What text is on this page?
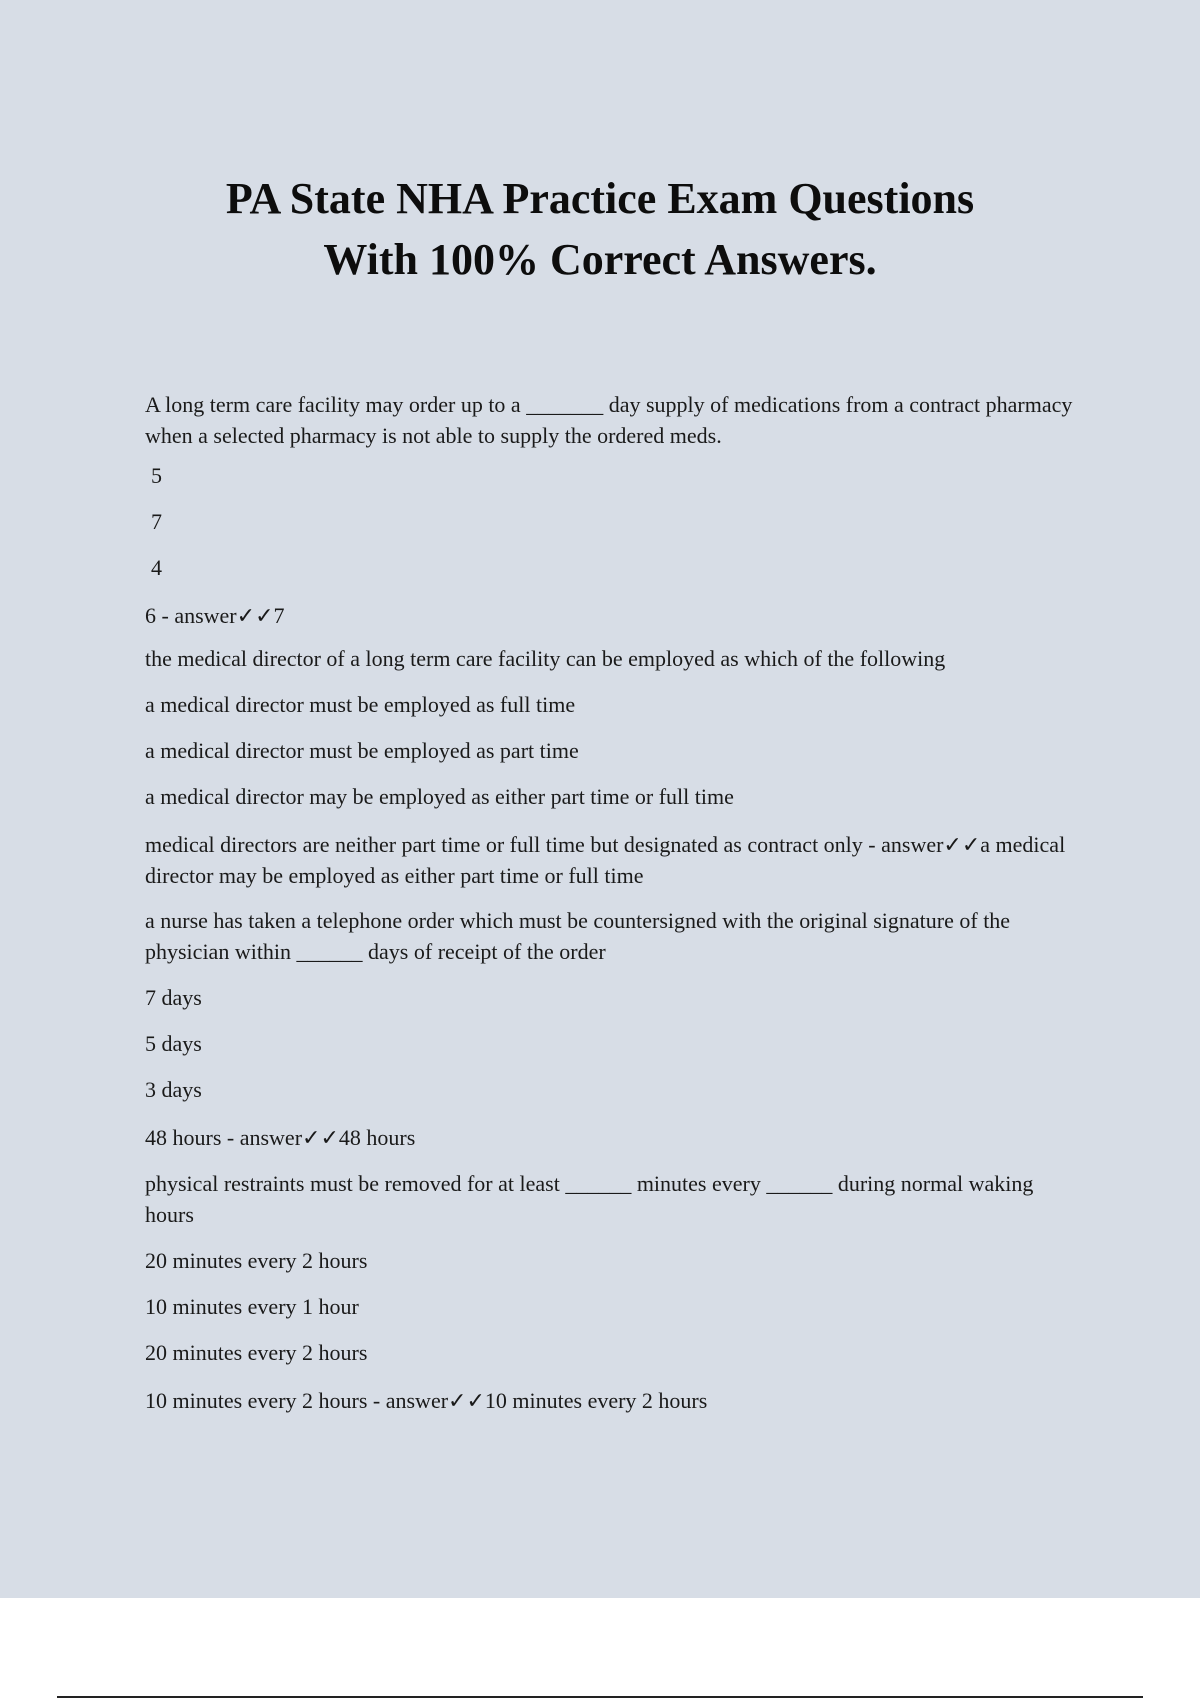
PA State NHA Practice Exam Questions
With 100% Correct Answers.

A long term care facility may order up to a _______ day supply of medications from a contract pharmacy when a selected pharmacy is not able to supply the ordered meds.

5

7

4

6 - answer✓✓7

the medical director of a long term care facility can be employed as which of the following

a medical director must be employed as full time

a medical director must be employed as part time

a medical director may be employed as either part time or full time

medical directors are neither part time or full time but designated as contract only - answer✓✓a medical director may be employed as either part time or full time

a nurse has taken a telephone order which must be countersigned with the original signature of the physician within ______ days of receipt of the order

7 days

5 days

3 days

48 hours - answer✓✓48 hours

physical restraints must be removed for at least ______ minutes every ______ during normal waking hours

20 minutes every 2 hours

10 minutes every 1 hour

20 minutes every 2 hours

10 minutes every 2 hours - answer✓✓10 minutes every 2 hours
